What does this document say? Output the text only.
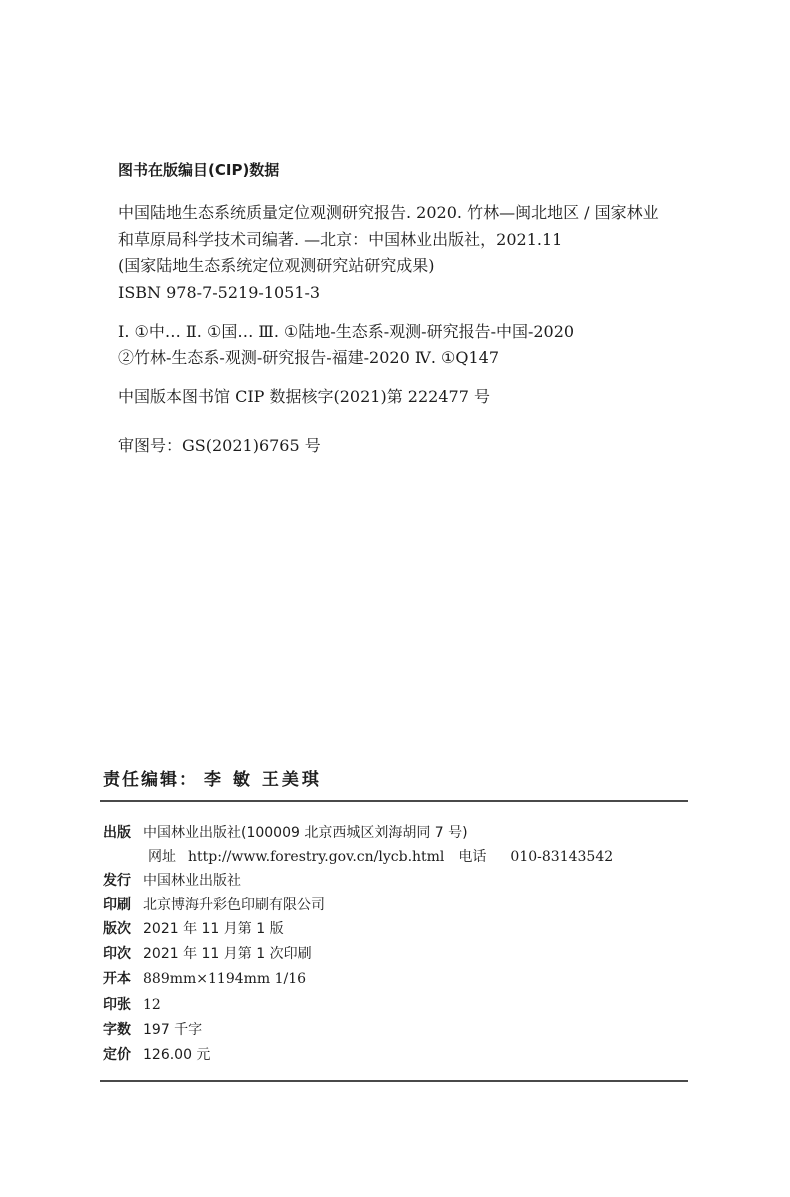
图书在版编目(CIP)数据
中国陆地生态系统质量定位观测研究报告. 2020. 竹林—闽北地区 / 国家林业
和草原局科学技术司编著. —北京：中国林业出版社，2021.11
(国家陆地生态系统定位观测研究站研究成果)
ISBN 978-7-5219-1051-3
Ⅰ. ①中… Ⅱ. ①国… Ⅲ. ①陆地-生态系-观测-研究报告-中国-2020
②竹林-生态系-观测-研究报告-福建-2020 Ⅳ. ①Q147
中国版本图书馆 CIP 数据核字(2021)第 222477 号
审图号：GS(2021)6765 号
责任编辑： 李 敏 王美琪
出版 中国林业出版社(100009 北京西城区刘海胡同 7 号)
网址 http://www.forestry.gov.cn/lycb.html 电话 010-83143542
发行 中国林业出版社
印刷 北京博海升彩色印刷有限公司
版次 2021 年 11 月第 1 版
印次 2021 年 11 月第 1 次印刷
开本 889mm×1194mm 1/16
印张 12
字数 197 千字
定价 126.00 元
